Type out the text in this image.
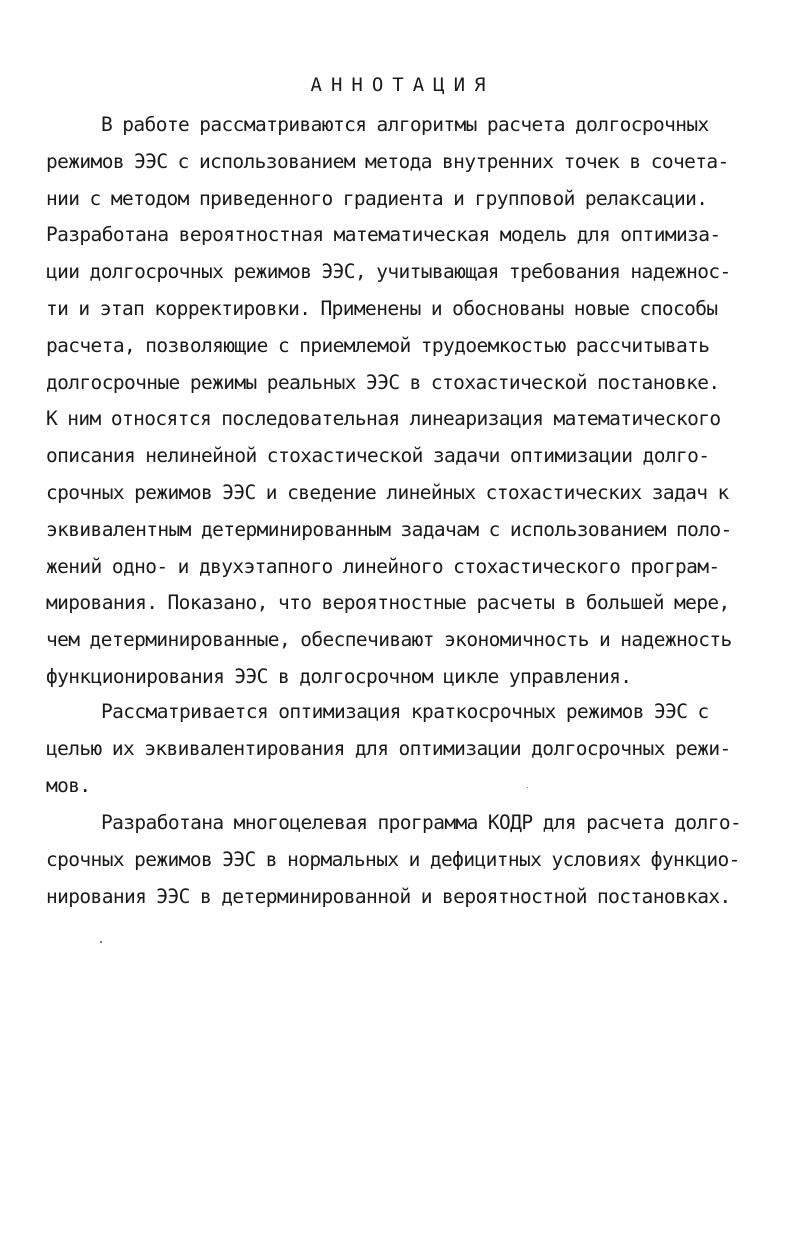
АННОТАЦИЯ
В работе рассматриваются алгоритмы расчета долгосрочных
режимов ЭЭС с использованием метода внутренних точек в сочета-
нии с методом приведенного градиента и групповой релаксации.
Разработана вероятностная математическая модель для оптимиза-
ции долгосрочных режимов ЭЭС, учитывающая требования надежнос-
ти и этап корректировки. Применены и обоснованы новые способы
расчета, позволяющие с приемлемой трудоемкостью рассчитывать
долгосрочные режимы реальных ЭЭС в стохастической постановке.
К ним относятся последовательная линеаризация математического
описания нелинейной стохастической задачи оптимизации долго-
срочных режимов ЭЭС и сведение линейных стохастических задач к
эквивалентным детерминированным задачам с использованием поло-
жений одно- и двухэтапного линейного стохастического програм-
мирования. Показано, что вероятностные расчеты в большей мере,
чем детерминированные, обеспечивают экономичность и надежность
функционирования ЭЭС в долгосрочном цикле управления.
Рассматривается оптимизация краткосрочных режимов ЭЭС с
целью их эквивалентирования для оптимизации долгосрочных режи-
мов.
Разработана многоцелевая программа КОДР для расчета долго-
срочных режимов ЭЭС в нормальных и дефицитных условиях функцио-
нирования ЭЭС в детерминированной и вероятностной постановках.
